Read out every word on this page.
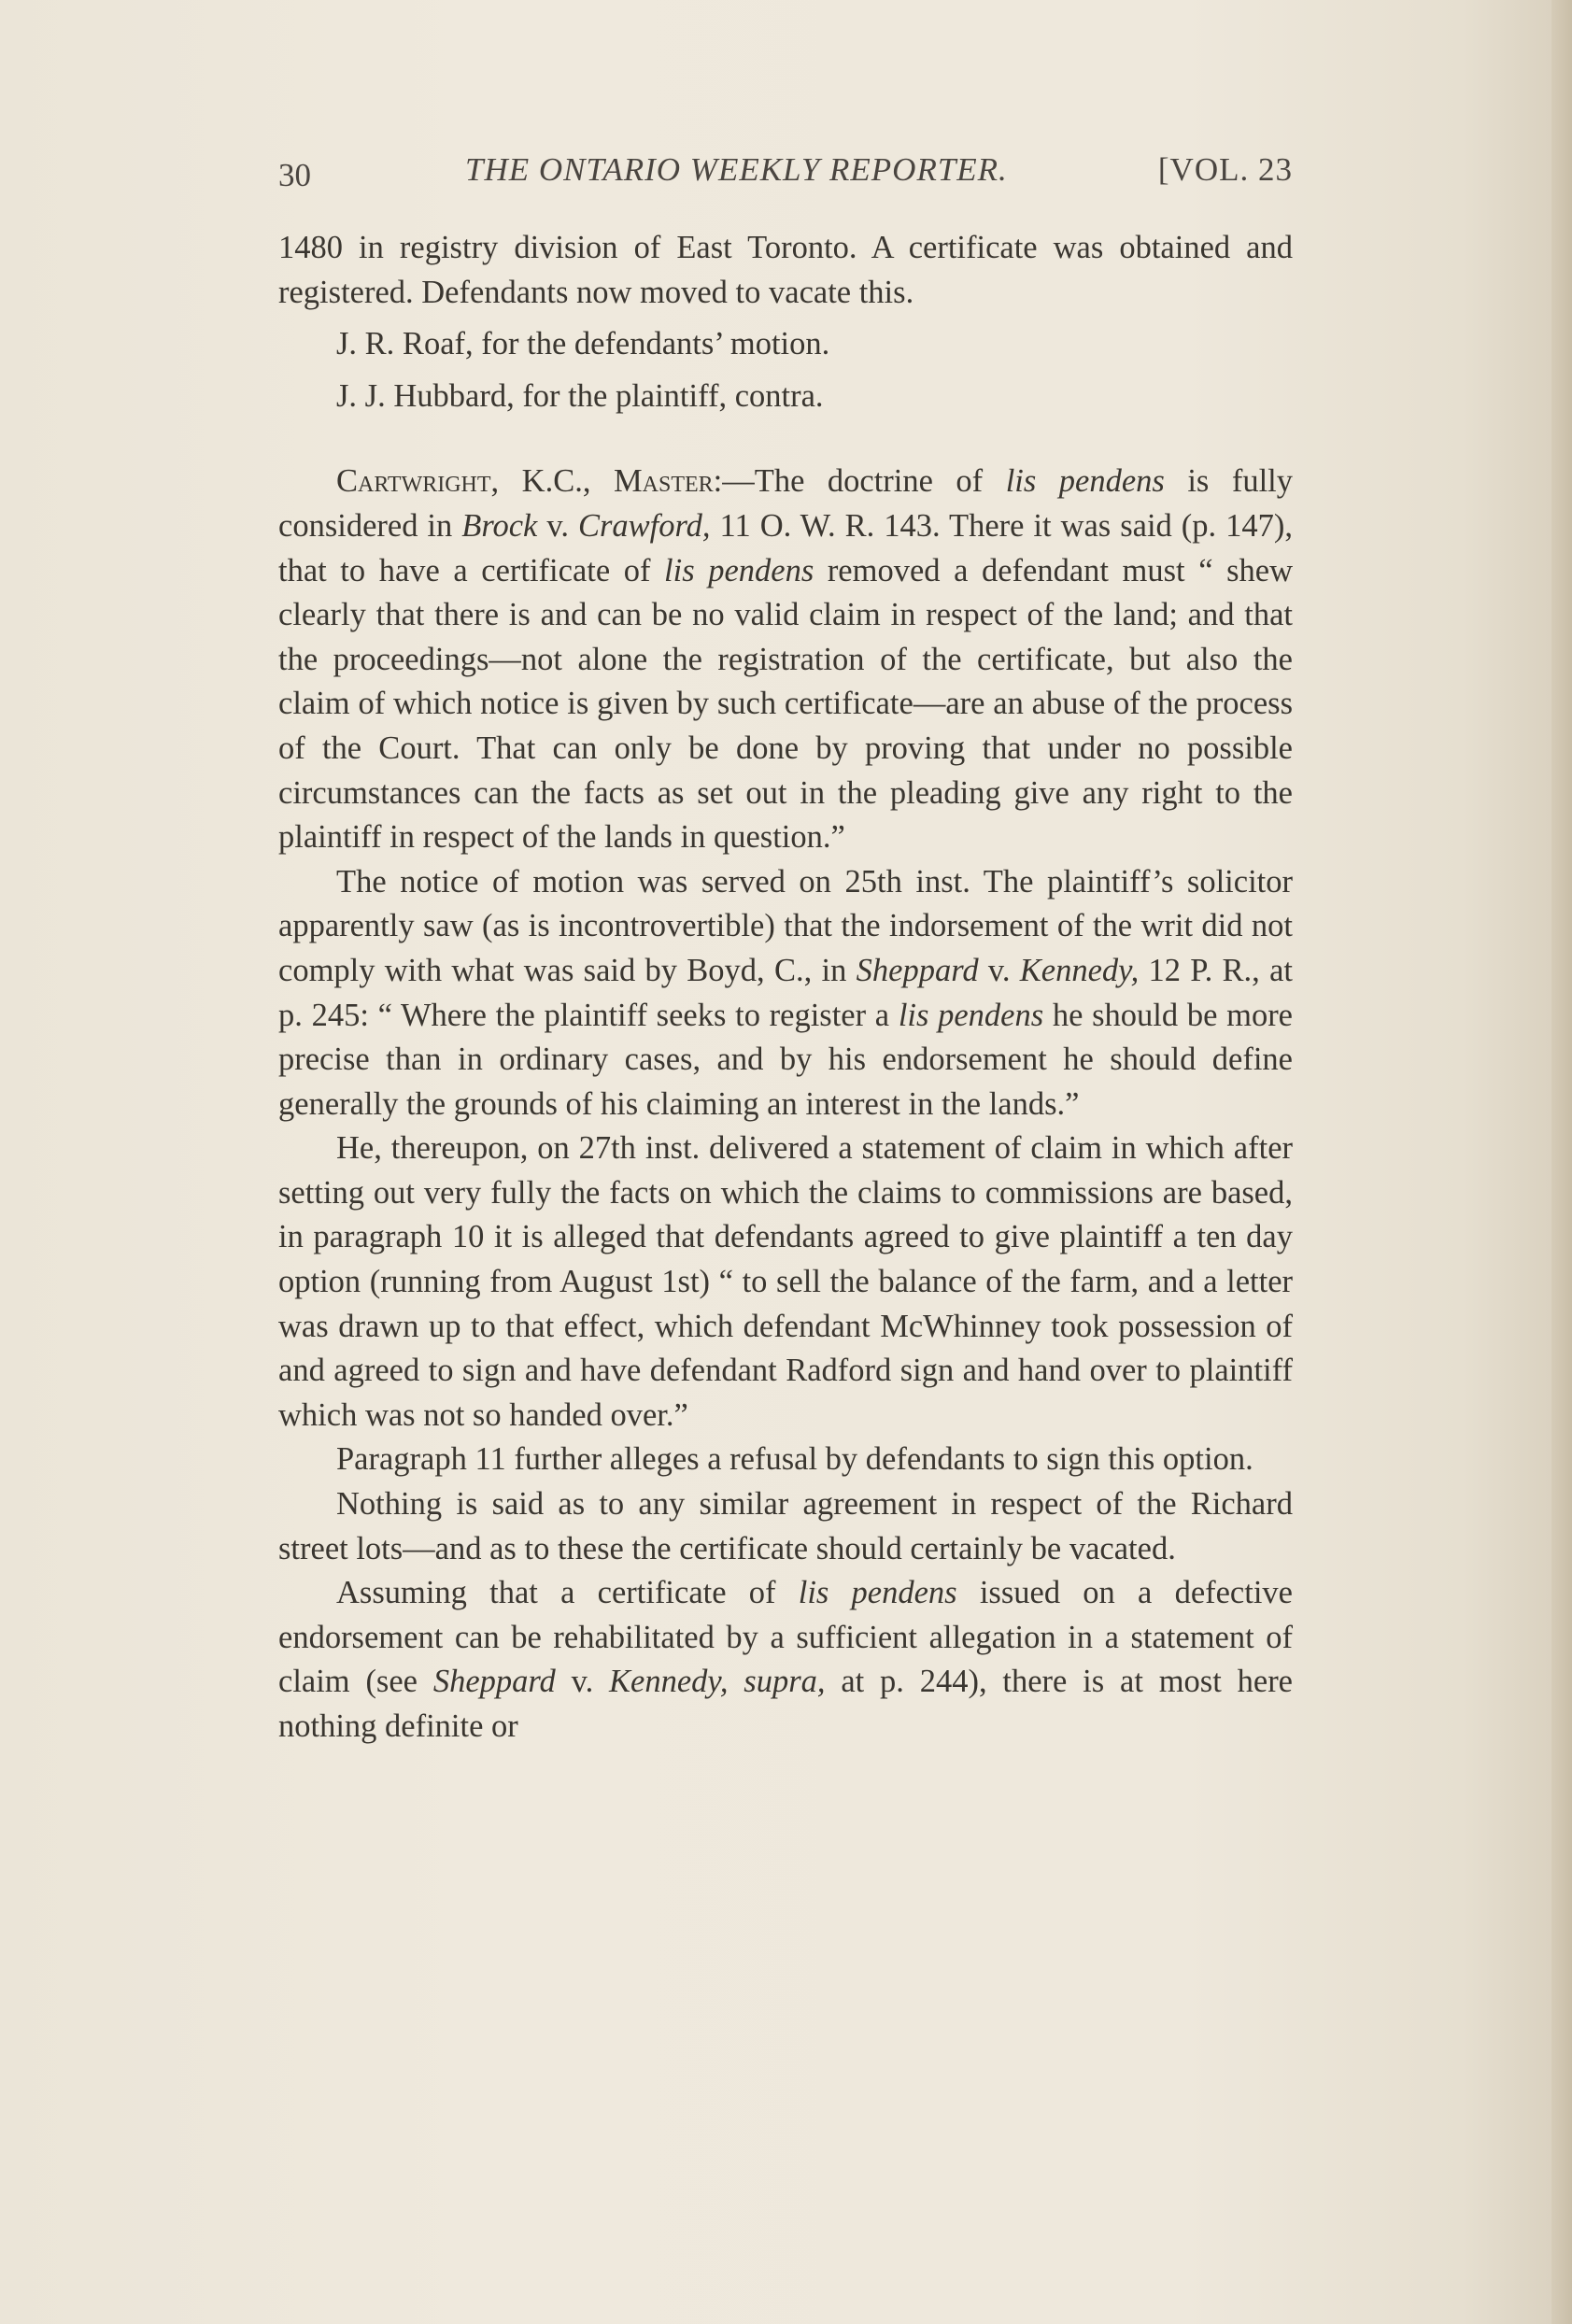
30	THE ONTARIO WEEKLY REPORTER.	[VOL. 23

1480 in registry division of East Toronto. A certificate was obtained and registered. Defendants now moved to vacate this.

J. R. Roaf, for the defendants’ motion.

J. J. Hubbard, for the plaintiff, contra.

Cartwright, K.C., Master:—The doctrine of lis pendens is fully considered in Brock v. Crawford, 11 O. W. R. 143. There it was said (p. 147), that to have a certificate of lis pendens removed a defendant must “ shew clearly that there is and can be no valid claim in respect of the land; and that the proceedings—not alone the registration of the certificate, but also the claim of which notice is given by such certificate—are an abuse of the process of the Court. That can only be done by proving that under no possible circumstances can the facts as set out in the pleading give any right to the plaintiff in respect of the lands in question.”

The notice of motion was served on 25th inst. The plaintiff’s solicitor apparently saw (as is incontrovertible) that the indorsement of the writ did not comply with what was said by Boyd, C., in Sheppard v. Kennedy, 12 P. R., at p. 245: “ Where the plaintiff seeks to register a lis pendens he should be more precise than in ordinary cases, and by his endorsement he should define generally the grounds of his claiming an interest in the lands.”

He, thereupon, on 27th inst. delivered a statement of claim in which after setting out very fully the facts on which the claims to commissions are based, in paragraph 10 it is alleged that defendants agreed to give plaintiff a ten day option (running from August 1st) “ to sell the balance of the farm, and a letter was drawn up to that effect, which defendant McWhinney took possession of and agreed to sign and have defendant Radford sign and hand over to plaintiff which was not so handed over.”

Paragraph 11 further alleges a refusal by defendants to sign this option.

Nothing is said as to any similar agreement in respect of the Richard street lots—and as to these the certificate should certainly be vacated.

Assuming that a certificate of lis pendens issued on a defective endorsement can be rehabilitated by a sufficient allegation in a statement of claim (see Sheppard v. Kennedy, supra, at p. 244), there is at most here nothing definite or
